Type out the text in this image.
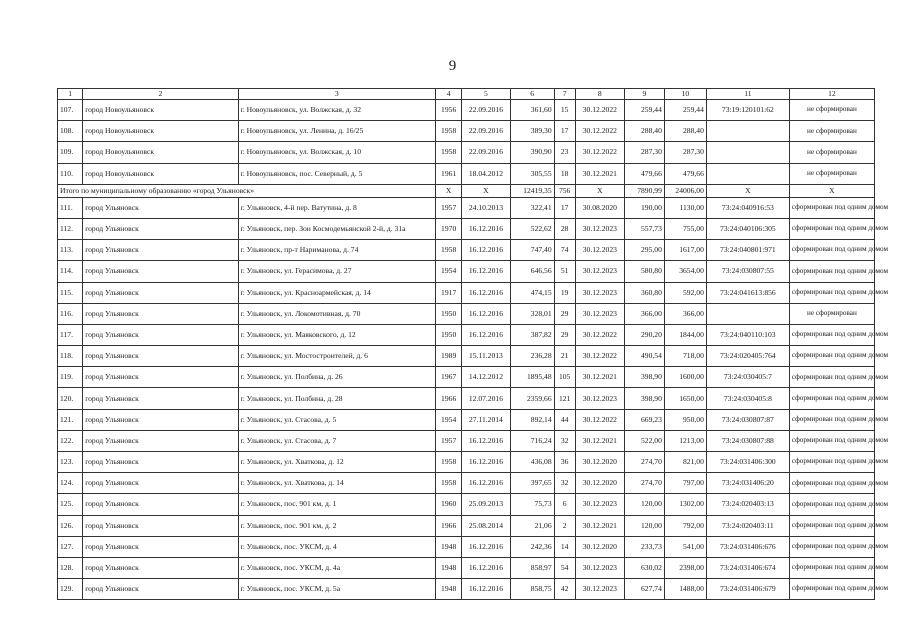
9
1	2	3	4	5	6	7	8	9	10	11	12
107.	город Новоульяновск	г. Новоульяновск, ул. Волжская, д. 32	1956	22.09.2016	361,60	15	30.12.2022	259,44	259,44	73:19:120101:62	не сформирован
108.	город Новоульяновск	г. Новоульяновск, ул. Ленина, д. 16/25	1958	22.09.2016	389,30	17	30.12.2022	288,40	288,40		не сформирован
109.	город Новоульяновск	г. Новоульяновск, ул. Волжская, д. 10	1958	22.09.2016	390,90	23	30.12.2022	287,30	287,30		не сформирован
110.	город Новоульяновск	г. Новоульяновск, пос. Северный, д. 5	1961	18.04.2012	305,55	18	30.12.2021	479,66	479,66		не сформирован
Итого по муниципальному образованию «город Ульяновск»			X	X	12419,35	756	X	7890,99	24006,00	X	X
111.	город Ульяновск	г. Ульяновск, 4-й пер. Ватутина, д. 8	1957	24.10.2013	322,41	17	30.08.2020	190,00	1130,00	73:24:040916:53	сформирован под одним домом
112.	город Ульяновск	г. Ульяновск, пер. Зои Космодемьянской 2-й, д. 31а	1970	16.12.2016	522,62	28	30.12.2023	557,73	755,00	73:24:040106:305	сформирован под одним домом
113.	город Ульяновск	г. Ульяновск, пр-т Нариманова, д. 74	1958	16.12.2016	747,40	74	30.12.2023	295,00	1617,00	73:24:040801:971	сформирован под одним домом
114.	город Ульяновск	г. Ульяновск, ул. Герасимова, д. 27	1954	16.12.2016	646,56	51	30.12.2023	580,80	3654,00	73:24:030807:55	сформирован под одним домом
115.	город Ульяновск	г. Ульяновск, ул. Красноармейская, д. 14	1917	16.12.2016	474,15	19	30.12.2023	360,80	592,00	73:24:041613:856	сформирован под одним домом
116.	город Ульяновск	г. Ульяновск, ул. Локомотивная, д. 70	1950	16.12.2016	328,01	29	30.12.2023	366,00	366,00		не сформирован
117.	город Ульяновск	г. Ульяновск, ул. Маяковского, д. 12	1950	16.12.2016	387,82	29	30.12.2022	290,20	1844,00	73:24:040110:103	сформирован под одним домом
118.	город Ульяновск	г. Ульяновск, ул. Мостостроителей, д. 6	1989	15.11.2013	236,28	21	30.12.2022	490,54	718,00	73:24:020405:764	сформирован под одним домом
119.	город Ульяновск	г. Ульяновск, ул. Полбина, д. 26	1967	14.12.2012	1895,48	105	30.12.2021	398,90	1600,00	73:24:030405:7	сформирован под одним домом
120.	город Ульяновск	г. Ульяновск, ул. Полбина, д. 28	1966	12.07.2016	2359,66	121	30.12.2023	398,90	1650,00	73:24:030405:8	сформирован под одним домом
121.	город Ульяновск	г. Ульяновск, ул. Стасова, д. 5	1954	27.11.2014	892,14	44	30.12.2022	669,23	950,00	73:24:030807:87	сформирован под одним домом
122.	город Ульяновск	г. Ульяновск, ул. Стасова, д. 7	1957	16.12.2016	716,24	32	30.12.2021	522,00	1213,00	73:24:030807:88	сформирован под одним домом
123.	город Ульяновск	г. Ульяновск, ул. Хваткова, д. 12	1958	16.12.2016	436,08	36	30.12.2020	274,70	821,00	73:24:031406:300	сформирован под одним домом
124.	город Ульяновск	г. Ульяновск, ул. Хваткова, д. 14	1958	16.12.2016	397,65	32	30.12.2020	274,70	797,00	73:24:031406:20	сформирован под одним домом
125.	город Ульяновск	г. Ульяновск, пос. 901 км, д. 1	1960	25.09.2013	75,73	6	30.12.2023	120,00	1302,00	73:24:020403:13	сформирован под одним домом
126.	город Ульяновск	г. Ульяновск, пос. 901 км, д. 2	1966	25.08.2014	21,06	2	30.12.2021	120,00	792,00	73:24:020403:11	сформирован под одним домом
127.	город Ульяновск	г. Ульяновск, пос. УКСМ, д. 4	1948	16.12.2016	242,36	14	30.12.2020	233,73	541,00	73:24:031406:676	сформирован под одним домом
128.	город Ульяновск	г. Ульяновск, пос. УКСМ, д. 4а	1948	16.12.2016	858,97	54	30.12.2023	630,02	2398,00	73:24:031406:674	сформирован под одним домом
129.	город Ульяновск	г. Ульяновск, пос. УКСМ, д. 5а	1948	16.12.2016	858,75	42	30.12.2023	627,74	1488,00	73:24:031406:679	сформирован под одним домом
